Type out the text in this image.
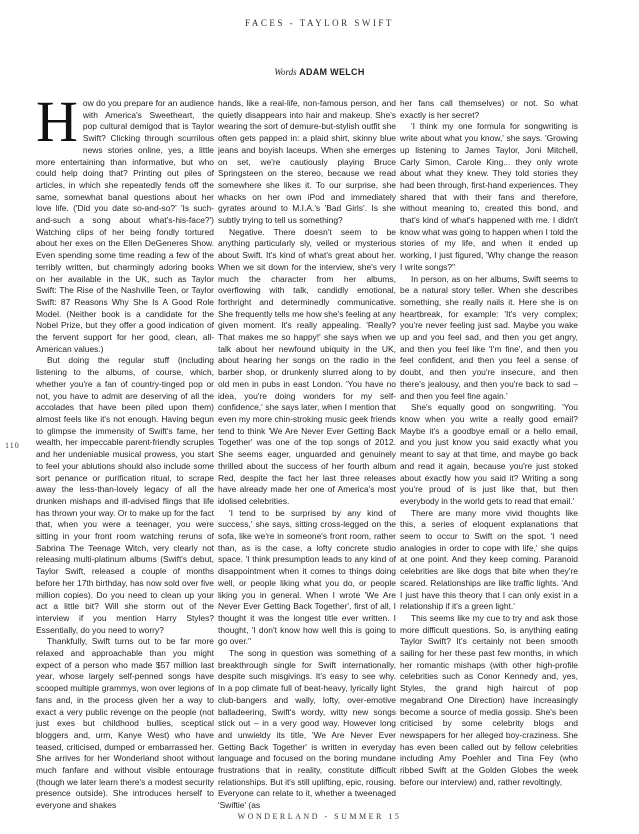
FACES - TAYLOR SWIFT
Words ADAM WELCH
110

How do you prepare for an audience with America's Sweetheart, the pop cultural demigod that is Taylor Swift? Clicking through scurrilous news stories online, yes, a little more entertaining than informative, but who could help doing that? Printing out piles of articles, in which she repeatedly fends off the same, somewhat banal questions about her love life. ('Did you date so-and-so?' 'Is such-and-such a song about what's-his-face?') Watching clips of her being fondly tortured about her exes on the Ellen DeGeneres Show. Even spending some time reading a few of the terribly written, but charmingly adoring books on her available in the UK, such as Taylor Swift: The Rise of the Nashville Teen, or Taylor Swift: 87 Reasons Why She Is A Good Role Model. (Neither book is a candidate for the Nobel Prize, but they offer a good indication of the fervent support for her good, clean, all-American values.)

But doing the regular stuff (including listening to the albums, of course, which, whether you're a fan of country-tinged pop or not, you have to admit are deserving of all the accolades that have been piled upon them) almost feels like it's not enough. Having begun to glimpse the immensity of Swift's fame, her wealth, her impeccable parent-friendly scruples and her undeniable musical prowess, you start to feel your ablutions should also include some sort penance or purification ritual, to scrape away the less-than-lovely legacy of all the drunken mishaps and ill-advised flings that life has thrown your way. Or to make up for the fact that, when you were a teenager, you were sitting in your front room watching reruns of Sabrina The Teenage Witch, very clearly not releasing multi-platinum albums (Swift's debut, Taylor Swift, released a couple of months before her 17th birthday, has now sold over five million copies). Do you need to clean up your act a little bit? Will she storm out of the interview if you mention Harry Styles? Essentially, do you need to worry?

Thankfully, Swift turns out to be far more relaxed and approachable than you might expect of a person who made $57 million last year, whose largely self-penned songs have scooped multiple grammys, won over legions of fans and, in the process given her a way to exact a very public revenge on the people (not just exes but childhood bullies, sceptical bloggers and, urm, Kanye West) who have teased, criticised, dumped or embarrassed her. She arrives for her Wonderland shoot without much fanfare and without visible entourage (though we later learn there's a modest security presence outside). She introduces herself to everyone and shakes

hands, like a real-life, non-famous person, and quietly disappears into hair and makeup. She's wearing the sort of demure-but-stylish outfit she often gets papped in: a plaid shirt, skinny blue jeans and boyish laceups. When she emerges on set, we're cautiously playing Bruce Springsteen on the stereo, because we read somewhere she likes it. To our surprise, she whacks on her own iPod and immediately gyrates around to M.I.A.'s 'Bad Girls'. Is she subtly trying to tell us something?

Negative. There doesn't seem to be anything particularly sly, veiled or mysterious about Swift. It's kind of what's great about her. When we sit down for the interview, she's very much the character from her albums, overflowing with talk, candidly emotional, forthright and determinedly communicative. She frequently tells me how she's feeling at any given moment. It's really appealing. 'Really? That makes me so happy!' she says when we talk about her newfound ubiquity in the UK, about hearing her songs on the radio in the barber shop, or drunkenly slurred along to by old men in pubs in east London. 'You have no idea, you're doing wonders for my self-confidence,' she says later, when I mention that even my more chin-stroking music geek friends tend to think 'We Are Never Ever Getting Back Together' was one of the top songs of 2012. She seems eager, unguarded and genuinely thrilled about the success of her fourth album Red, despite the fact her last three releases have already made her one of America's most idolised celebrities.

'I tend to be surprised by any kind of success,' she says, sitting cross-legged on the sofa, like we're in someone's front room, rather than, as is the case, a lofty concrete studio space. 'I think presumption leads to any kind of disappointment when it comes to things doing well, or people liking what you do, or people liking you in general. When I wrote 'We Are Never Ever Getting Back Together', first of all, I thought it was the longest title ever written. I thought, 'I don't know how well this is going to go over.''

The song in question was something of a breakthrough single for Swift internationally, despite such misgivings. It's easy to see why. In a pop climate full of beat-heavy, lyrically light club-bangers and wally, lofty, over-emotive balladeering, Swift's wordy, witty new songs stick out – in a very good way. However long and unwieldy its title, 'We Are Never Ever Getting Back Together' is written in everyday language and focused on the boring mundane frustrations that in reality, constitute difficult relationships. But it's still uplifting, epic, rousing. Everyone can relate to it, whether a tweenaged 'Swiftie' (as

her fans call themselves) or not. So what exactly is her secret?

'I think my one formula for songwriting is write about what you know,' she says. 'Growing up listening to James Taylor, Joni Mitchell, Carly Simon, Carole King... they only wrote about what they knew. They told stories they had been through, first-hand experiences. They shared that with their fans and therefore, without meaning to, created this bond, and that's kind of what's happened with me. I didn't know what was going to happen when I told the stories of my life, and when it ended up working, I just figured, 'Why change the reason I write songs?''

In person, as on her albums, Swift seems to be a natural story teller. When she describes something, she really nails it. Here she is on heartbreak, for example: 'It's very complex; you're never feeling just sad. Maybe you wake up and you feel sad, and then you get angry, and then you feel like 'I'm fine', and then you feel confident, and then you feel a sense of doubt, and then you're insecure, and then there's jealousy, and then you're back to sad – and then you feel fine again.'

She's equally good on songwriting. 'You know when you write a really good email? Maybe it's a goodbye email or a hello email, and you just know you said exactly what you meant to say at that time, and maybe go back and read it again, because you're just stoked about exactly how you said it? Writing a song you're proud of is just like that, but then everybody in the world gets to read that email.'

There are many more vivid thoughts like this, a series of eloquent explanations that seem to occur to Swift on the spot. 'I need analogies in order to cope with life,' she quips at one point. And they keep coming. Paranoid celebrities are like dogs that bite when they're scared. Relationships are like traffic lights. 'And I just have this theory that I can only exist in a relationship if it's a green light.'

This seems like my cue to try and ask those more difficult questions. So, is anything eating Taylor Swift? It's certainly not been smooth sailing for her these past few months, in which her romantic mishaps (with other high-profile celebrities such as Conor Kennedy and, yes, Styles, the grand high haircut of pop megabrand One Direction) have increasingly become a source of media gossip. She's been criticised by some celebrity blogs and newspapers for her alleged boy-craziness. She has even been called out by fellow celebrities including Amy Poehler and Tina Fey (who ribbed Swift at the Golden Globes the week before our interview) and, rather revoltingly,

WONDERLAND - SUMMER 15
